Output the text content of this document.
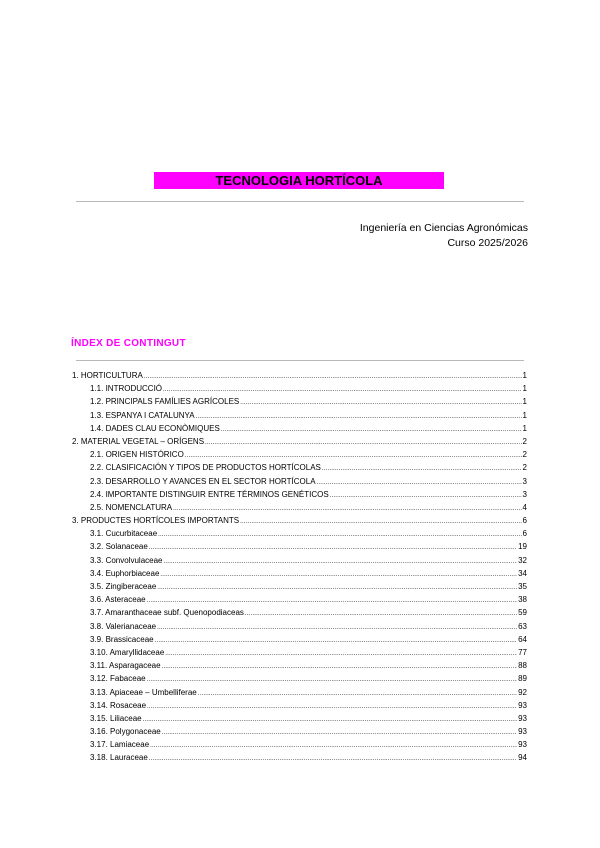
TECNOLOGIA HORTÍCOLA
Ingeniería en Ciencias Agronómicas
Curso 2025/2026
ÍNDEX DE CONTINGUT
1. HORTICULTURA .....	1
1.1. INTRODUCCIÓ .....	1
1.2. PRINCIPALS FAMÍLIES AGRÍCOLES .....	1
1.3. ESPANYA I CATALUNYA .....	1
1.4. DADES CLAU ECONÒMIQUES .....	1
2. MATERIAL VEGETAL – ORÍGENS .....	2
2.1. ORIGEN HISTÓRICO .....	2
2.2. CLASIFICACIÓN Y TIPOS DE PRODUCTOS HORTÍCOLAS .....	2
2.3. DESARROLLO Y AVANCES EN EL SECTOR HORTÍCOLA .....	3
2.4. IMPORTANTE DISTINGUIR ENTRE TÉRMINOS GENÉTICOS .....	3
2.5. NOMENCLATURA .....	4
3. PRODUCTES HORTÍCOLES IMPORTANTS .....	6
3.1. Cucurbitaceae .....	6
3.2. Solanaceae .....	19
3.3. Convolvulaceae .....	32
3.4. Euphorbiaceae .....	34
3.5. Zingiberaceae .....	35
3.6. Asteraceae .....	38
3.7. Amaranthaceae subf. Quenopodiaceas .....	59
3.8. Valerianaceae .....	63
3.9. Brassicaceae .....	64
3.10. Amaryllidaceae .....	77
3.11. Asparagaceae .....	88
3.12. Fabaceae .....	89
3.13. Apiaceae – Umbelliferae .....	92
3.14. Rosaceae .....	93
3.15. Liliaceae .....	93
3.16. Polygonaceae .....	93
3.17. Lamiaceae .....	93
3.18. Lauraceae .....	94
